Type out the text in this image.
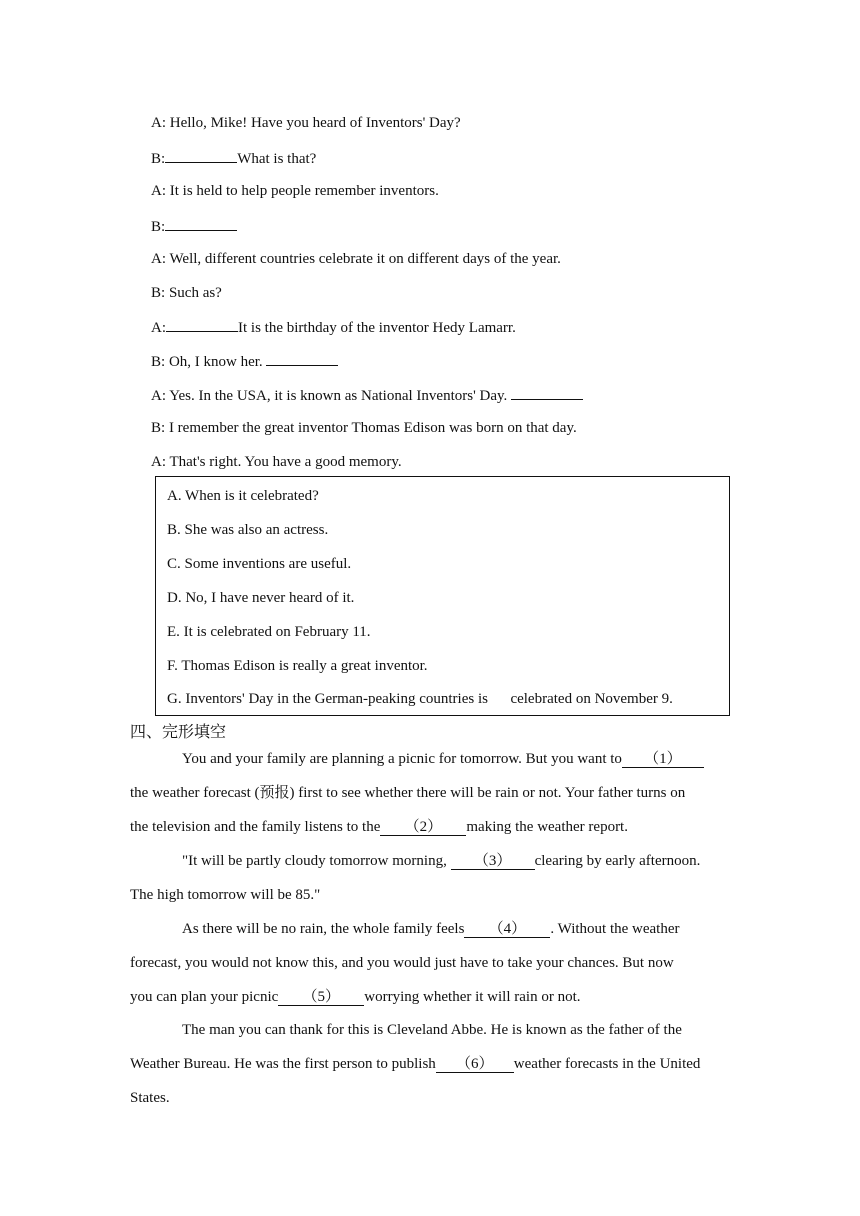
A: Hello, Mike! Have you heard of Inventors' Day?
B:	What is that?
A: It is held to help people remember inventors.
B:
A: Well, different countries celebrate it on different days of the year.
B: Such as?
A:	It is the birthday of the inventor Hedy Lamarr.
B: Oh, I know her.
A: Yes. In the USA, it is known as National Inventors' Day.
B: I remember the great inventor Thomas Edison was born on that day.
A: That's right. You have a good memory.
A. When is it celebrated?
B. She was also an actress.
C. Some inventions are useful.
D. No, I have never heard of it.
E. It is celebrated on February 11.
F. Thomas Edison is really a great inventor.
G. Inventors' Day in the German-peaking countries is      celebrated on November 9.
四、完形填空
You and your family are planning a picnic for tomorrow. But you want to （1）
the weather forecast (预报) first to see whether there will be rain or not. Your father turns on
the television and the family listens to the （2） making the weather report.
"It will be partly cloudy tomorrow morning, （3） clearing by early afternoon.
The high tomorrow will be 85."
As there will be no rain, the whole family feels （4） . Without the weather
forecast, you would not know this, and you would just have to take your chances. But now
you can plan your picnic （5） worrying whether it will rain or not.
The man you can thank for this is Cleveland Abbe. He is known as the father of the
Weather Bureau. He was the first person to publish （6） weather forecasts in the United
States.
